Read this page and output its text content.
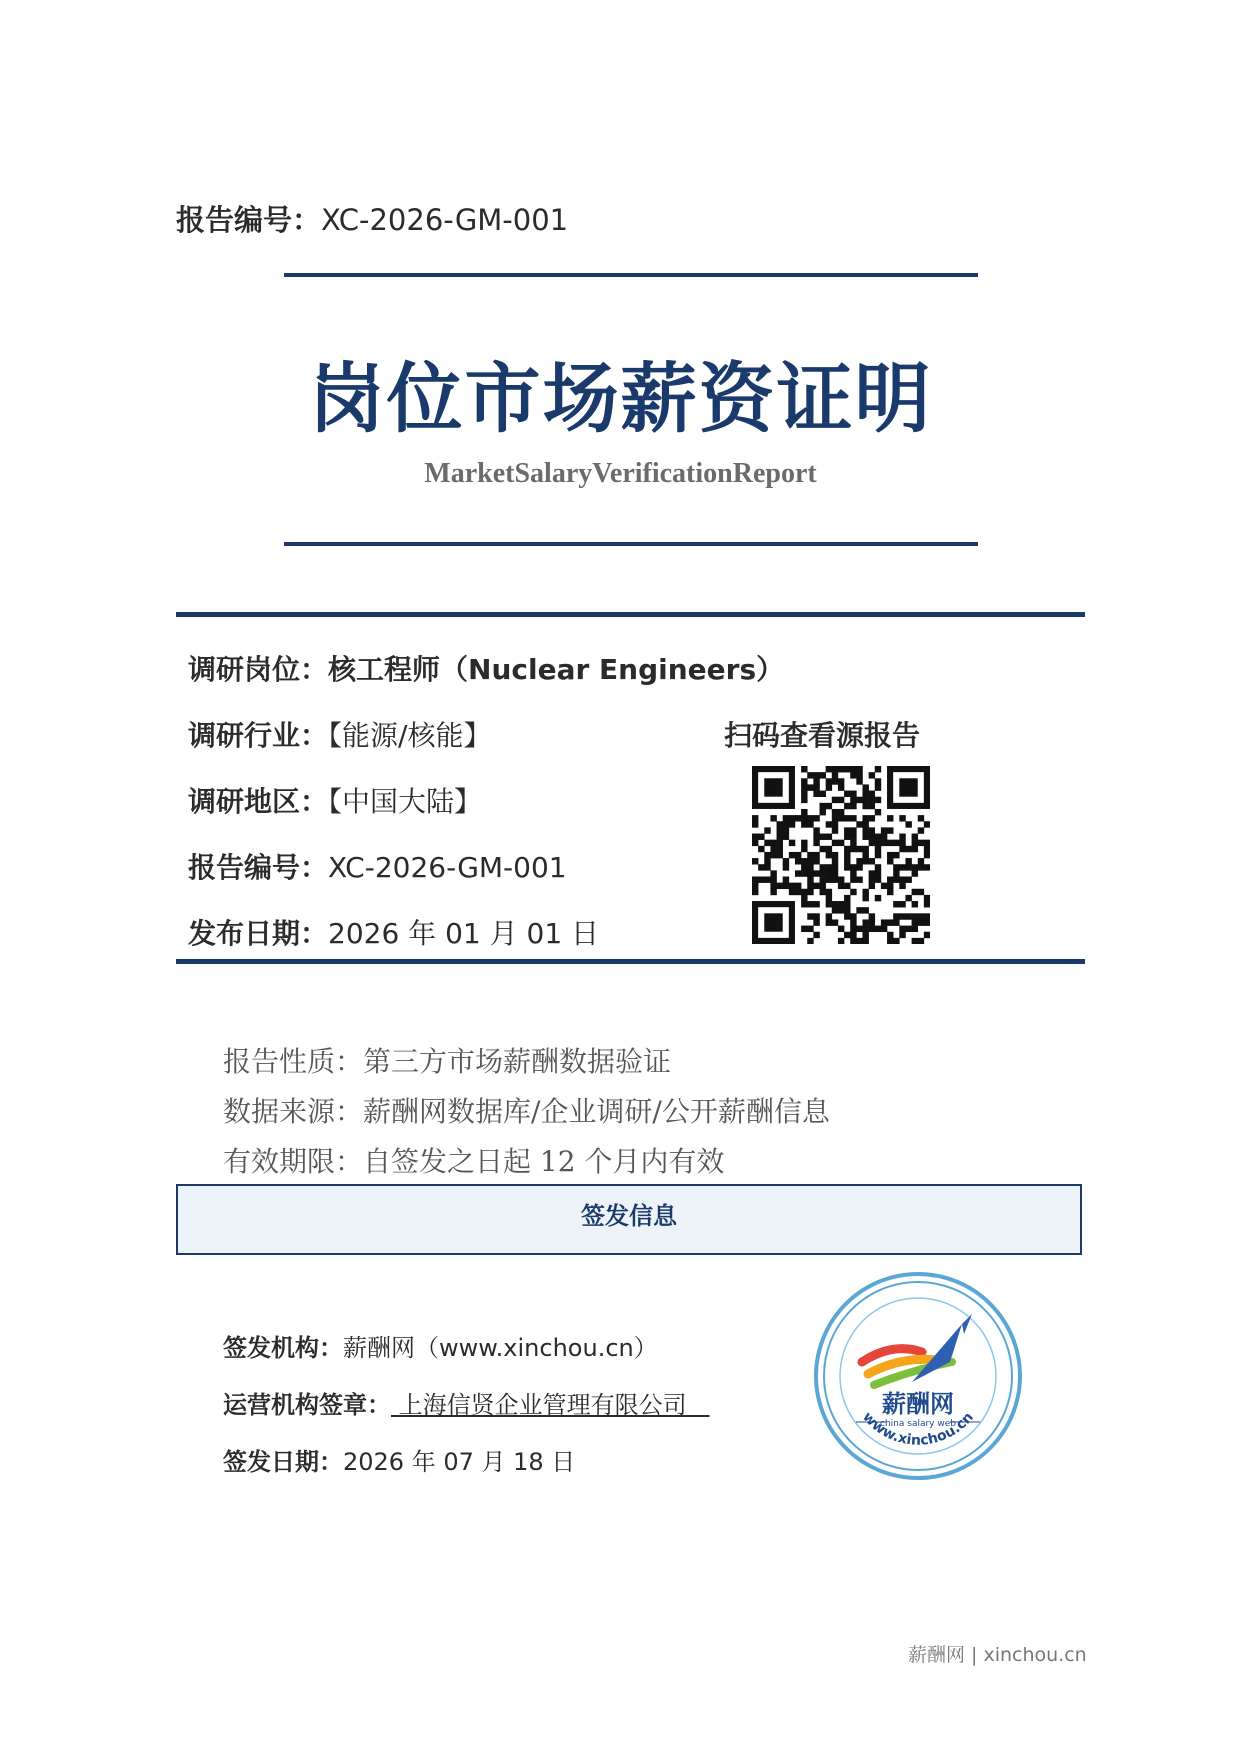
报告编号：XC-2026-GM-001
岗位市场薪资证明
MarketSalaryVerificationReport
调研岗位：核工程师（Nuclear Engineers）
调研行业：【能源/核能】
调研地区：【中国大陆】
报告编号：XC-2026-GM-001
发布日期：2026 年 01 月 01 日
扫码查看源报告
报告性质：第三方市场薪酬数据验证
数据来源：薪酬网数据库/企业调研/公开薪酬信息
有效期限：自签发之日起 12 个月内有效
签发信息
签发机构：薪酬网（www.xinchou.cn）
运营机构签章： 上海信贤企业管理有限公司
签发日期：2026 年 07 月 18 日
薪酬网
china salary web
www.xinchou.cn
薪酬网 | xinchou.cn
